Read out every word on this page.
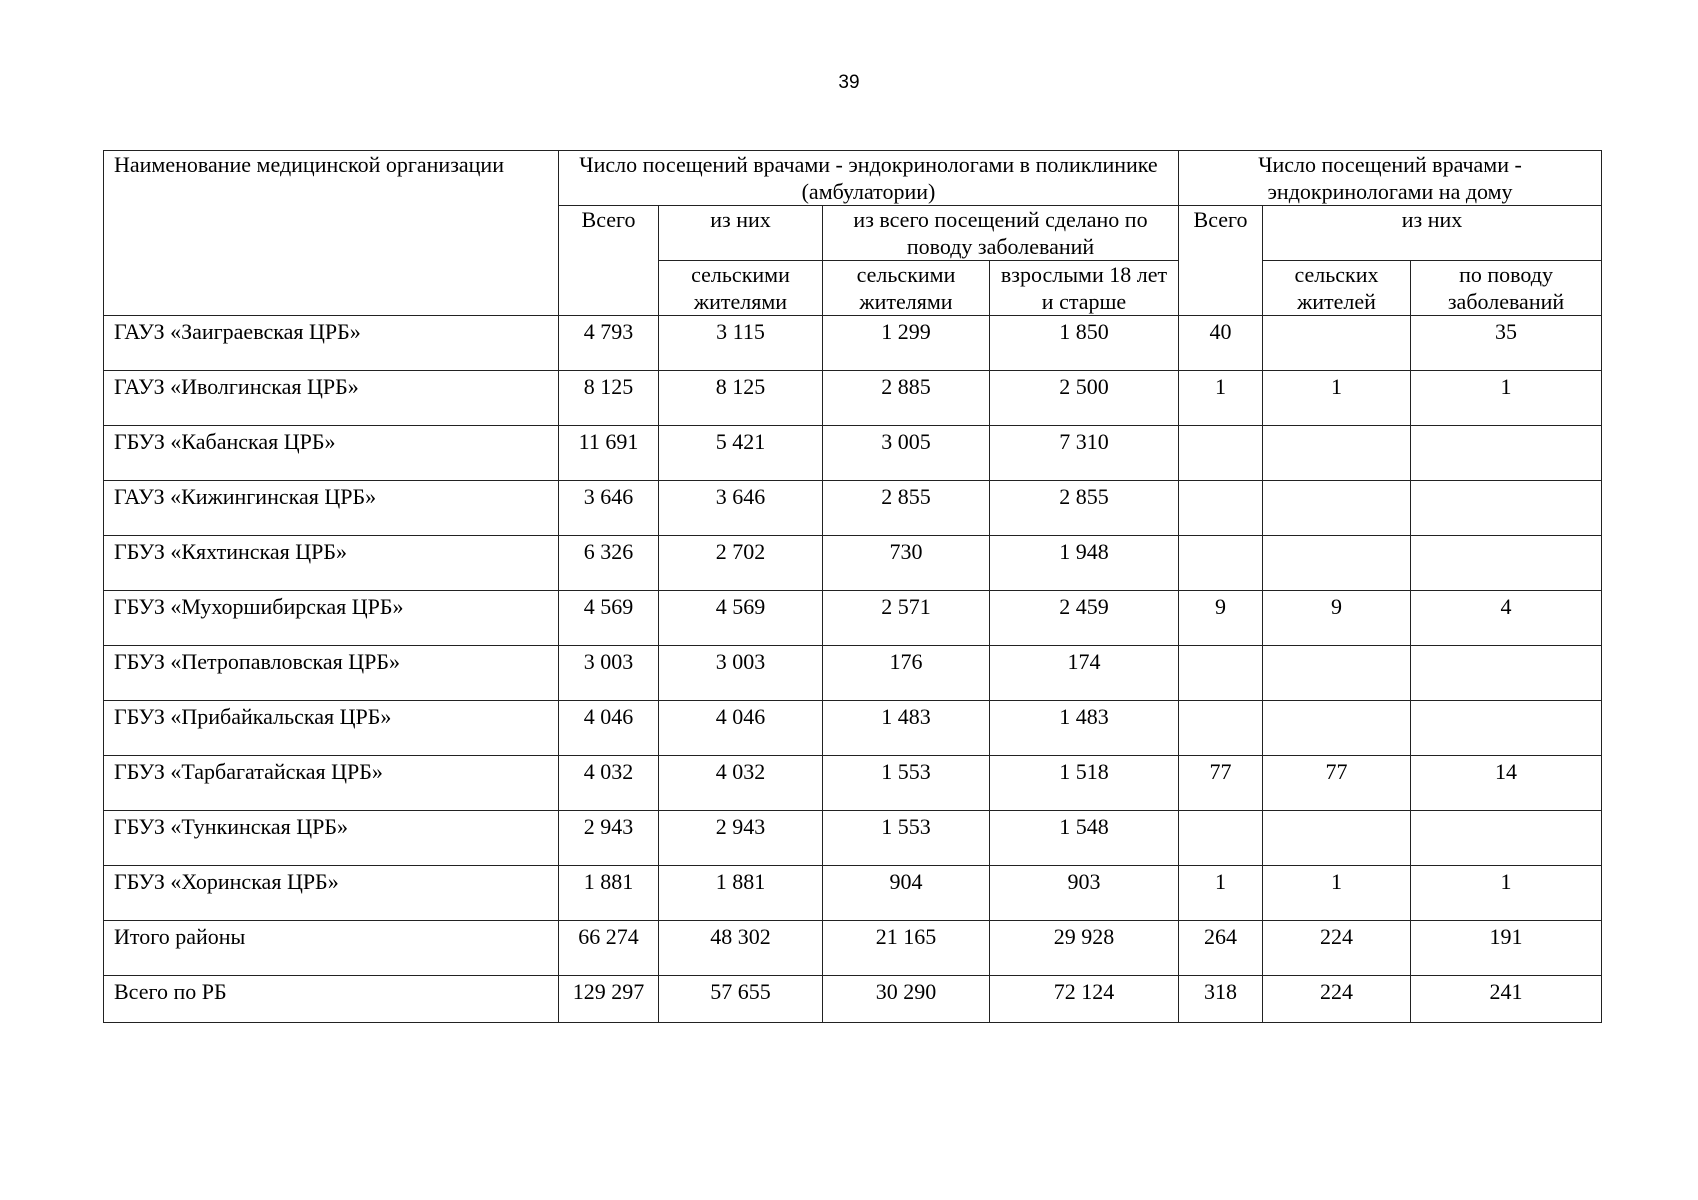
39
Наименование медицинской организации	Число посещений врачами - эндокринологами в поликлинике (амбулатории)				Число посещений врачами - эндокринологами на дому		
	Всего	из них	из всего посещений сделано по поводу заболеваний		Всего	из них	
		сельскими жителями	сельскими жителями	взрослыми 18 лет и старше		сельских жителей	по поводу заболеваний
ГАУЗ «Заиграевская ЦРБ»	4 793	3 115	1 299	1 850	40		35
ГАУЗ «Иволгинская ЦРБ»	8 125	8 125	2 885	2 500	1	1	1
ГБУЗ «Кабанская ЦРБ»	11 691	5 421	3 005	7 310			
ГАУЗ «Кижингинская ЦРБ»	3 646	3 646	2 855	2 855			
ГБУЗ «Кяхтинская ЦРБ»	6 326	2 702	730	1 948			
ГБУЗ «Мухоршибирская ЦРБ»	4 569	4 569	2 571	2 459	9	9	4
ГБУЗ «Петропавловская ЦРБ»	3 003	3 003	176	174			
ГБУЗ «Прибайкальская ЦРБ»	4 046	4 046	1 483	1 483			
ГБУЗ «Тарбагатайская ЦРБ»	4 032	4 032	1 553	1 518	77	77	14
ГБУЗ «Тункинская ЦРБ»	2 943	2 943	1 553	1 548			
ГБУЗ «Хоринская ЦРБ»	1 881	1 881	904	903	1	1	1
Итого районы	66 274	48 302	21 165	29 928	264	224	191
Всего по РБ	129 297	57 655	30 290	72 124	318	224	241
